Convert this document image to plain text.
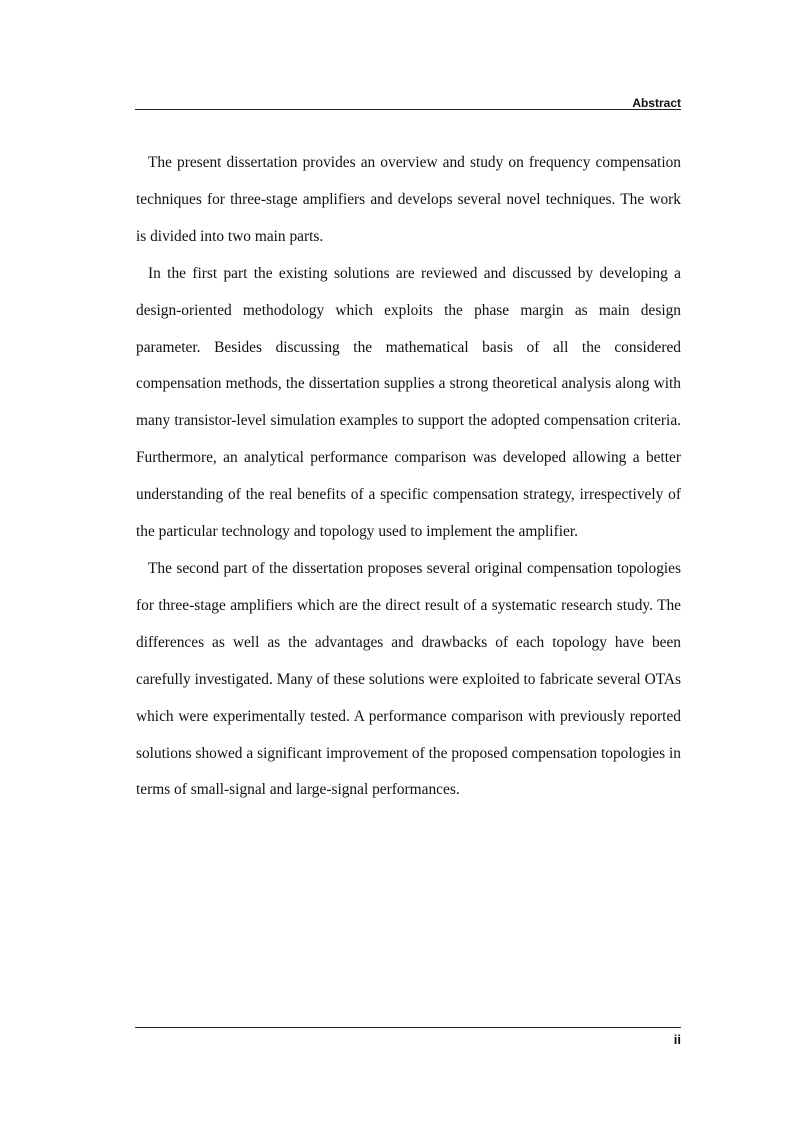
Abstract

The present dissertation provides an overview and study on frequency compensation techniques for three-stage amplifiers and develops several novel techniques. The work is divided into two main parts.

In the first part the existing solutions are reviewed and discussed by developing a design-oriented methodology which exploits the phase margin as main design parameter. Besides discussing the mathematical basis of all the considered compensation methods, the dissertation supplies a strong theoretical analysis along with many transistor-level simulation examples to support the adopted compensation criteria. Furthermore, an analytical performance comparison was developed allowing a better understanding of the real benefits of a specific compensation strategy, irrespectively of the particular technology and topology used to implement the amplifier.

The second part of the dissertation proposes several original compensation topologies for three-stage amplifiers which are the direct result of a systematic research study. The differences as well as the advantages and drawbacks of each topology have been carefully investigated. Many of these solutions were exploited to fabricate several OTAs which were experimentally tested. A performance comparison with previously reported solutions showed a significant improvement of the proposed compensation topologies in terms of small-signal and large-signal performances.

ii
